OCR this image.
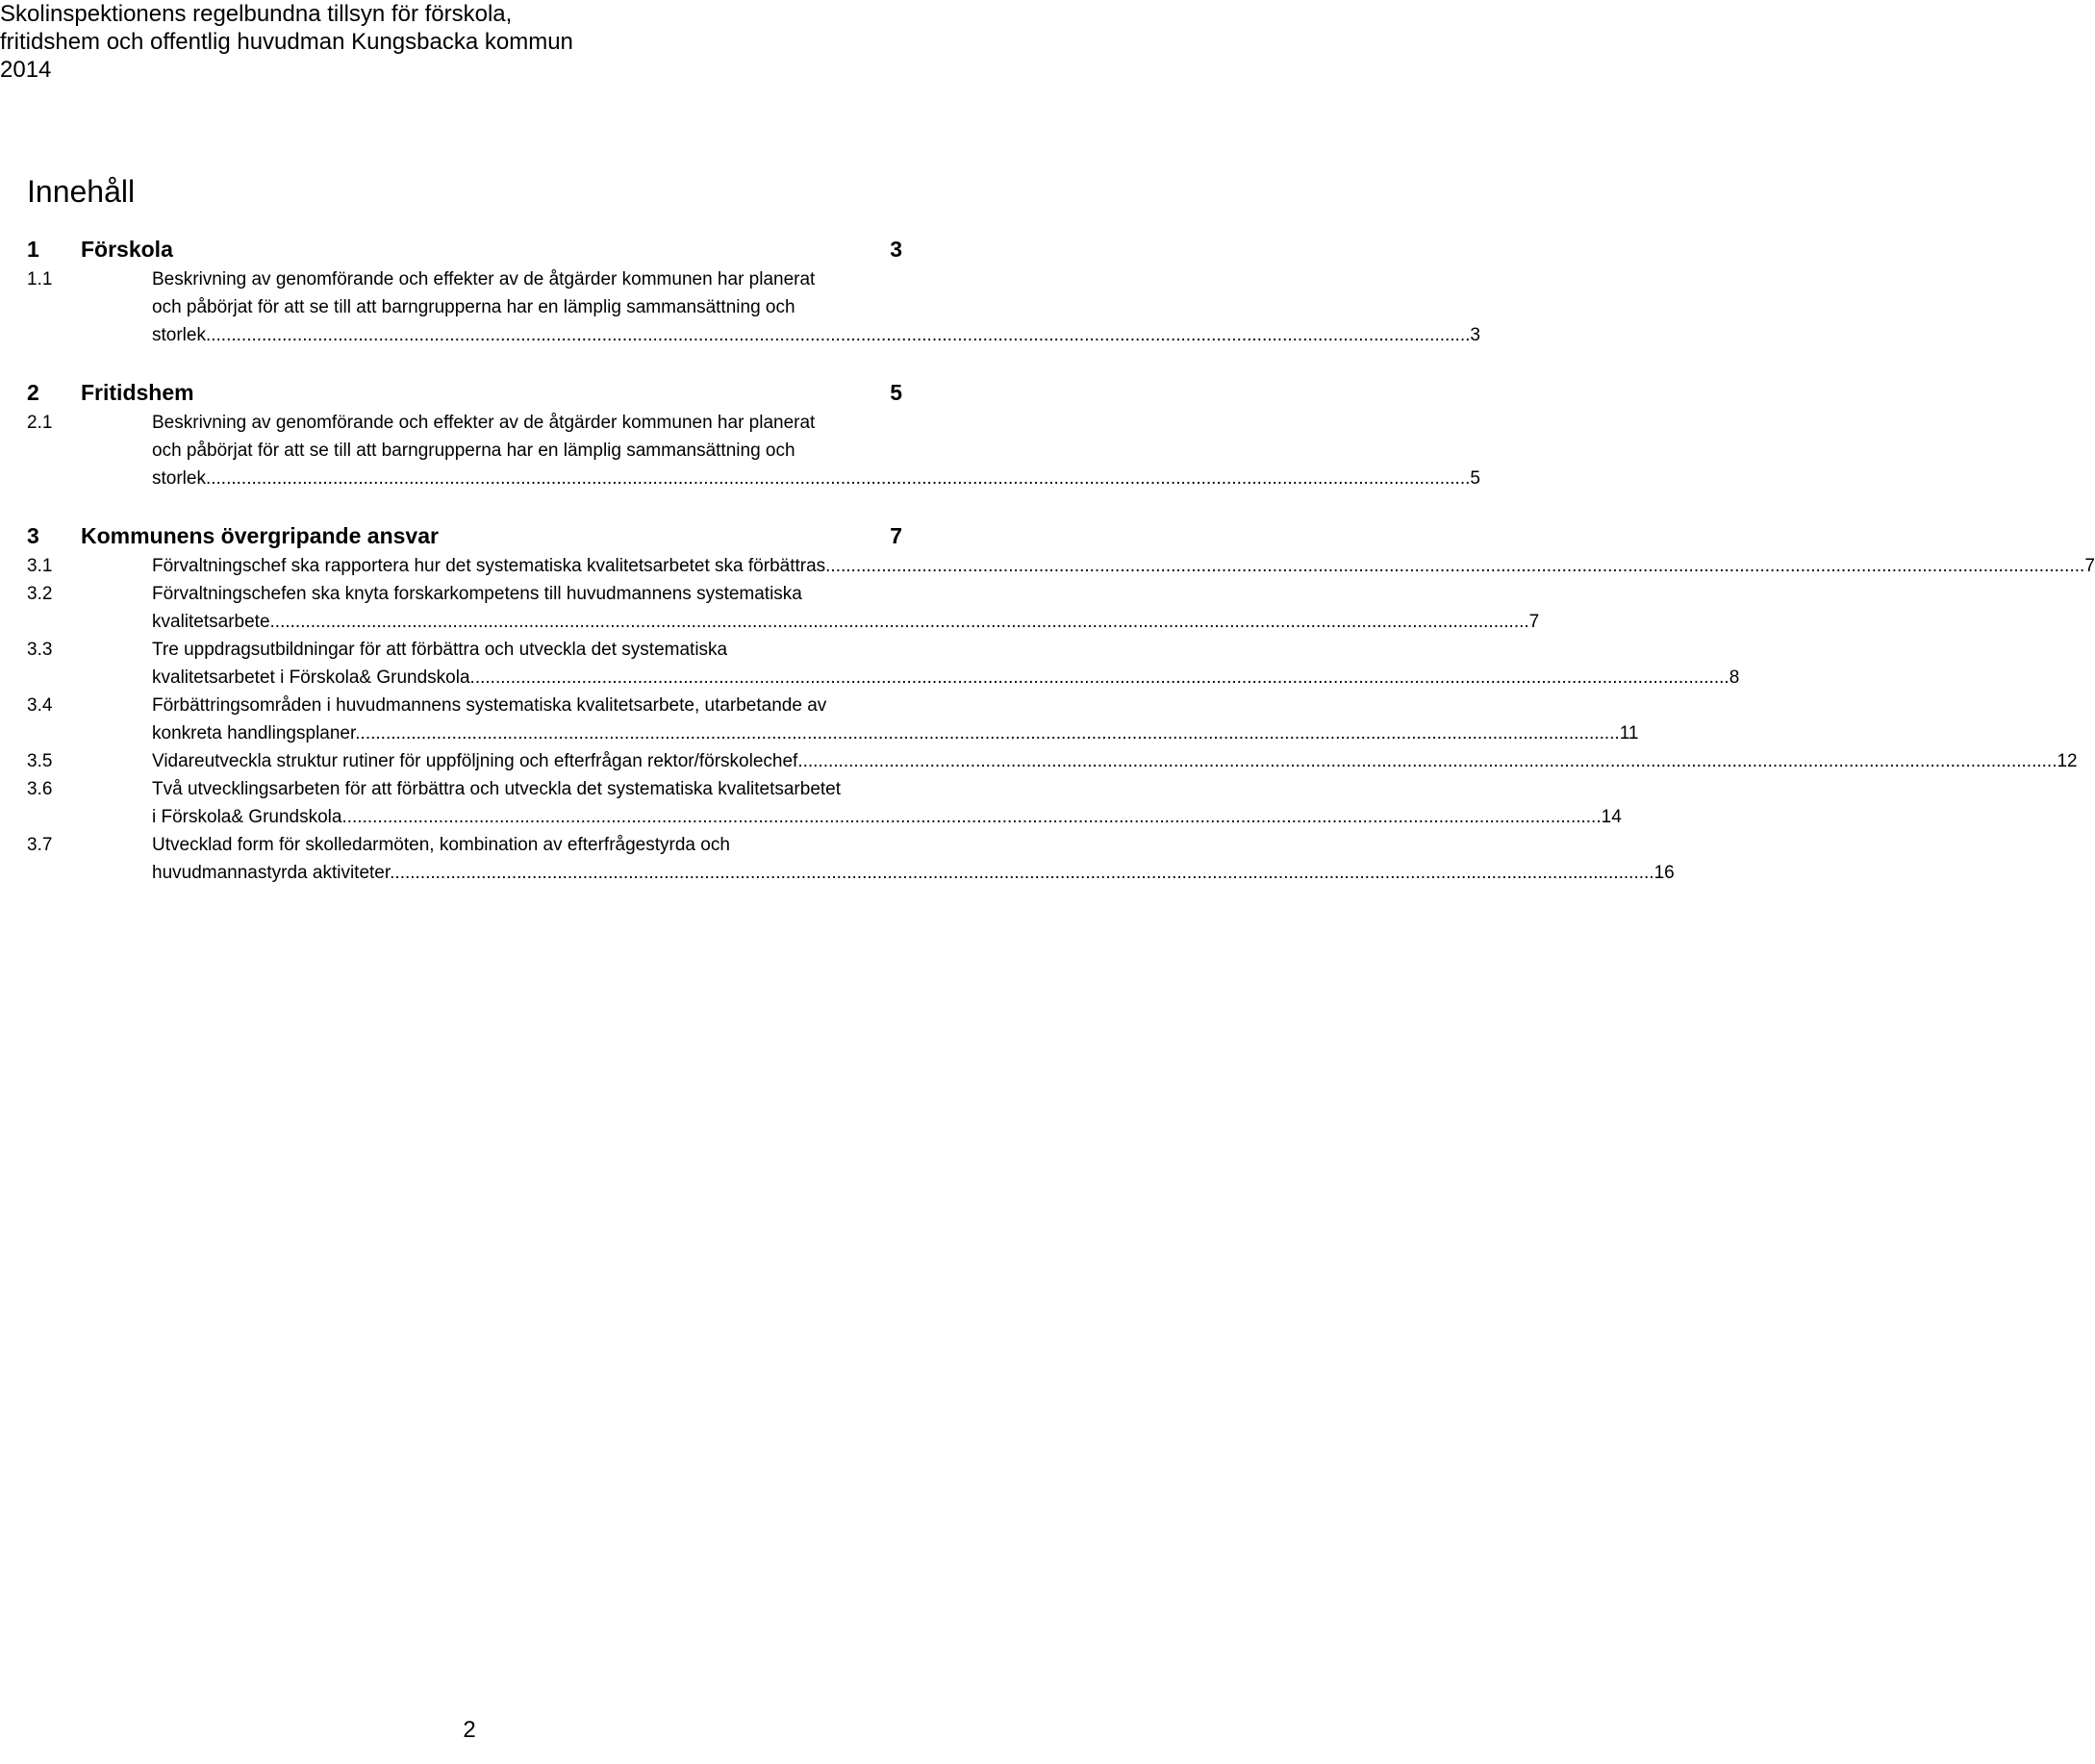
Skolinspektionens regelbundna tillsyn för förskola,
fritidshem och offentlig huvudman Kungsbacka kommun
2014
Innehåll
1 Förskola	3
1.1	Beskrivning av genomförande och effekter av de åtgärder kommunen har planerat
och påbörjat för att se till att barngrupperna har en lämplig sammansättning och
storlek. .....	3
2 Fritidshem	5
2.1	Beskrivning av genomförande och effekter av de åtgärder kommunen har planerat
och påbörjat för att se till att barngrupperna har en lämplig sammansättning och
storlek. .....	5
3 Kommunens övergripande ansvar	7
3.1	Förvaltningschef ska rapportera hur det systematiska kvalitetsarbetet ska förbättras .....	7
3.2	Förvaltningschefen ska knyta forskarkompetens till huvudmannens systematiska
kvalitetsarbete .....	7
3.3	Tre uppdragsutbildningar för att förbättra och utveckla det systematiska
kvalitetsarbetet i Förskola& Grundskola .....	8
3.4	Förbättringsområden i huvudmannens systematiska kvalitetsarbete, utarbetande av
konkreta handlingsplaner. .....	11
3.5	Vidareutveckla struktur rutiner för uppföljning och efterfrågan rektor/förskolechef .....	12
3.6	Två utvecklingsarbeten för att förbättra och utveckla det systematiska kvalitetsarbetet
i Förskola& Grundskola .....	14
3.7	Utvecklad form för skolledarmöten, kombination av efterfrågestyrda och
huvudmannastyrda aktiviteter. .....	16
2
